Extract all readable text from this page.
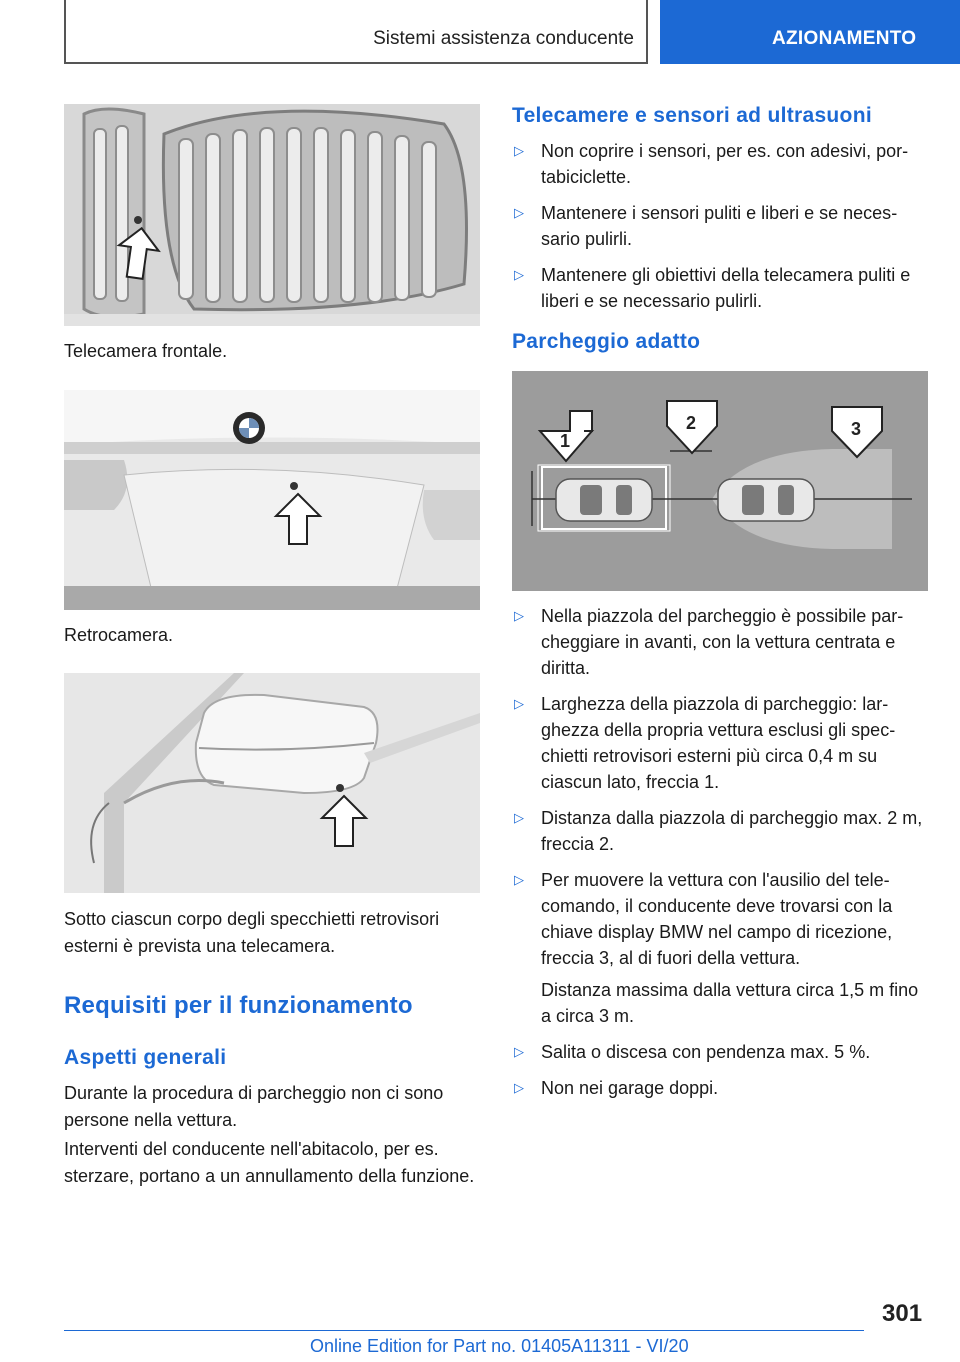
Sistemi assistenza conducente	AZIONAMENTO
Telecamera frontale.
Retrocamera.
Sotto ciascun corpo degli specchietti retrovisori esterni è prevista una telecamera.
Requisiti per il funzionamento
Aspetti generali
Durante la procedura di parcheggio non ci sono persone nella vettura.
Interventi del conducente nell'abitacolo, per es. sterzare, portano a un annullamento della funzione.
Telecamere e sensori ad ultrasuoni
▷ Non coprire i sensori, per es. con adesivi, portabiciclette.
▷ Mantenere i sensori puliti e liberi e se necessario pulirli.
▷ Mantenere gli obiettivi della telecamera puliti e liberi e se necessario pulirli.
Parcheggio adatto
1
2	3
▷ Nella piazzola del parcheggio è possibile parcheggiare in avanti, con la vettura centrata e diritta.
▷ Larghezza della piazzola di parcheggio: larghezza della propria vettura esclusi gli specchietti retrovisori esterni più circa 0,4 m su ciascun lato, freccia 1.
▷ Distanza dalla piazzola di parcheggio max. 2 m, freccia 2.
▷ Per muovere la vettura con l'ausilio del telecomando, il conducente deve trovarsi con la chiave display BMW nel campo di ricezione, freccia 3, al di fuori della vettura.
Distanza massima dalla vettura circa 1,5 m fino a circa 3 m.
▷ Salita o discesa con pendenza max. 5 %.
▷ Non nei garage doppi.
301
Online Edition for Part no. 01405A11311 - VI/20
